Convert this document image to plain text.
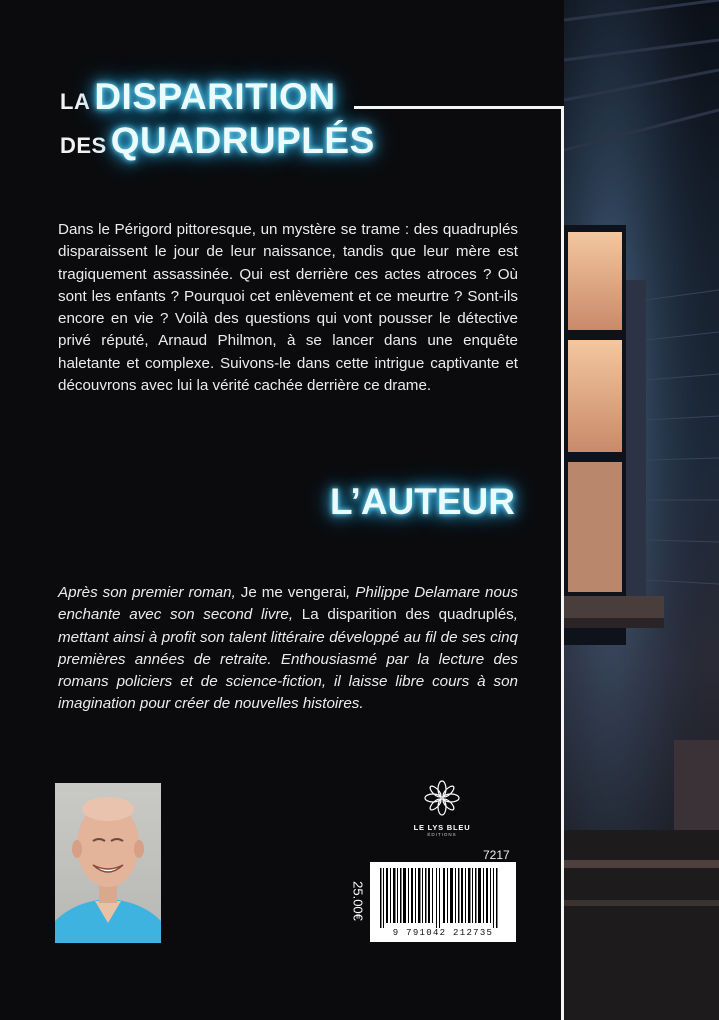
LA DISPARITION
DES QUADRUPLÉS

Dans le Périgord pittoresque, un mystère se trame : des quadruplés disparaissent le jour de leur naissance, tandis que leur mère est tragiquement assassinée. Qui est derrière ces actes atroces ? Où sont les enfants ? Pourquoi cet enlèvement et ce meurtre ? Sont-ils encore en vie ? Voilà des questions qui vont pousser le détective privé réputé, Arnaud Philmon, à se lancer dans une enquête haletante et complexe. Suivons-le dans cette intrigue captivante et découvrons avec lui la vérité cachée derrière ce drame.

L’AUTEUR

Après son premier roman, Je me vengerai, Philippe Delamare nous enchante avec son second livre, La disparition des quadruplés, mettant ainsi à profit son talent littéraire développé au fil de ses cinq premières années de retraite. Enthousiasmé par la lecture des romans policiers et de science-fiction, il laisse libre cours à son imagination pour créer de nouvelles histoires.

LE LYS BLEU
ÉDITIONS
7217
25.00€
9 791042 212735
